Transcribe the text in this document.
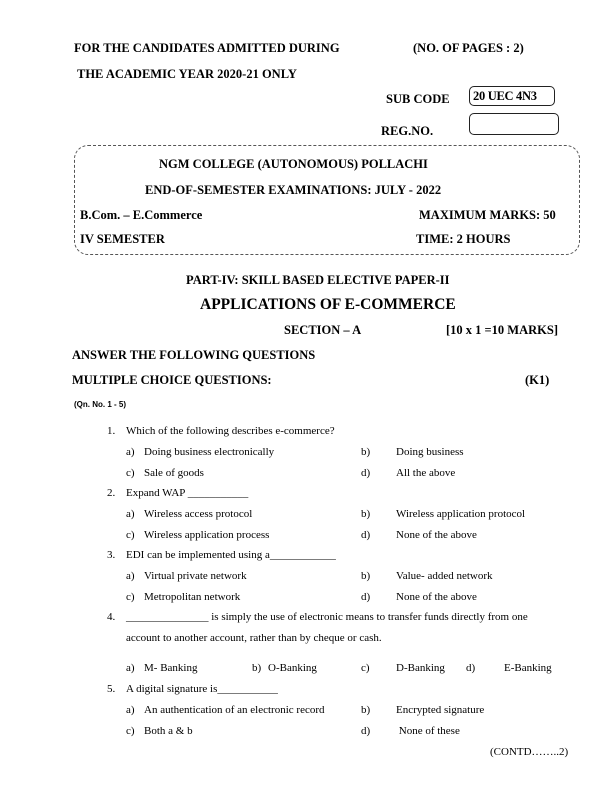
FOR THE CANDIDATES ADMITTED DURING	(NO. OF PAGES : 2)
THE ACADEMIC YEAR 2020-21 ONLY
SUB CODE 20 UEC 4N3
REG.NO.
NGM COLLEGE (AUTONOMOUS) POLLACHI
END-OF-SEMESTER EXAMINATIONS: JULY - 2022
B.Com. – E.Commerce	MAXIMUM MARKS: 50
IV SEMESTER	TIME: 2 HOURS
PART-IV: SKILL BASED ELECTIVE PAPER-II
APPLICATIONS OF E-COMMERCE
SECTION – A	[10 x 1 =10 MARKS]
ANSWER THE FOLLOWING QUESTIONS
MULTIPLE CHOICE QUESTIONS:	(K1)
(Qn. No. 1 - 5)
1. Which of the following describes e-commerce?
a) Doing business electronically	b) Doing business
c) Sale of goods	d) All the above
2. Expand WAP ___________
a) Wireless access protocol	b) Wireless application protocol
c) Wireless application process	d) None of the above
3. EDI can be implemented using a____________
a) Virtual private network	b) Value- added network
c) Metropolitan network	d) None of the above
4. _______________ is simply the use of electronic means to transfer funds directly from one
account to another account, rather than by cheque or cash.
a) M- Banking	b) O-Banking	c) D-Banking d)	E-Banking
5. A digital signature is___________
a) An authentication of an electronic record	b) Encrypted signature
c) Both a & b	d) None of these
(CONTD……..2)
